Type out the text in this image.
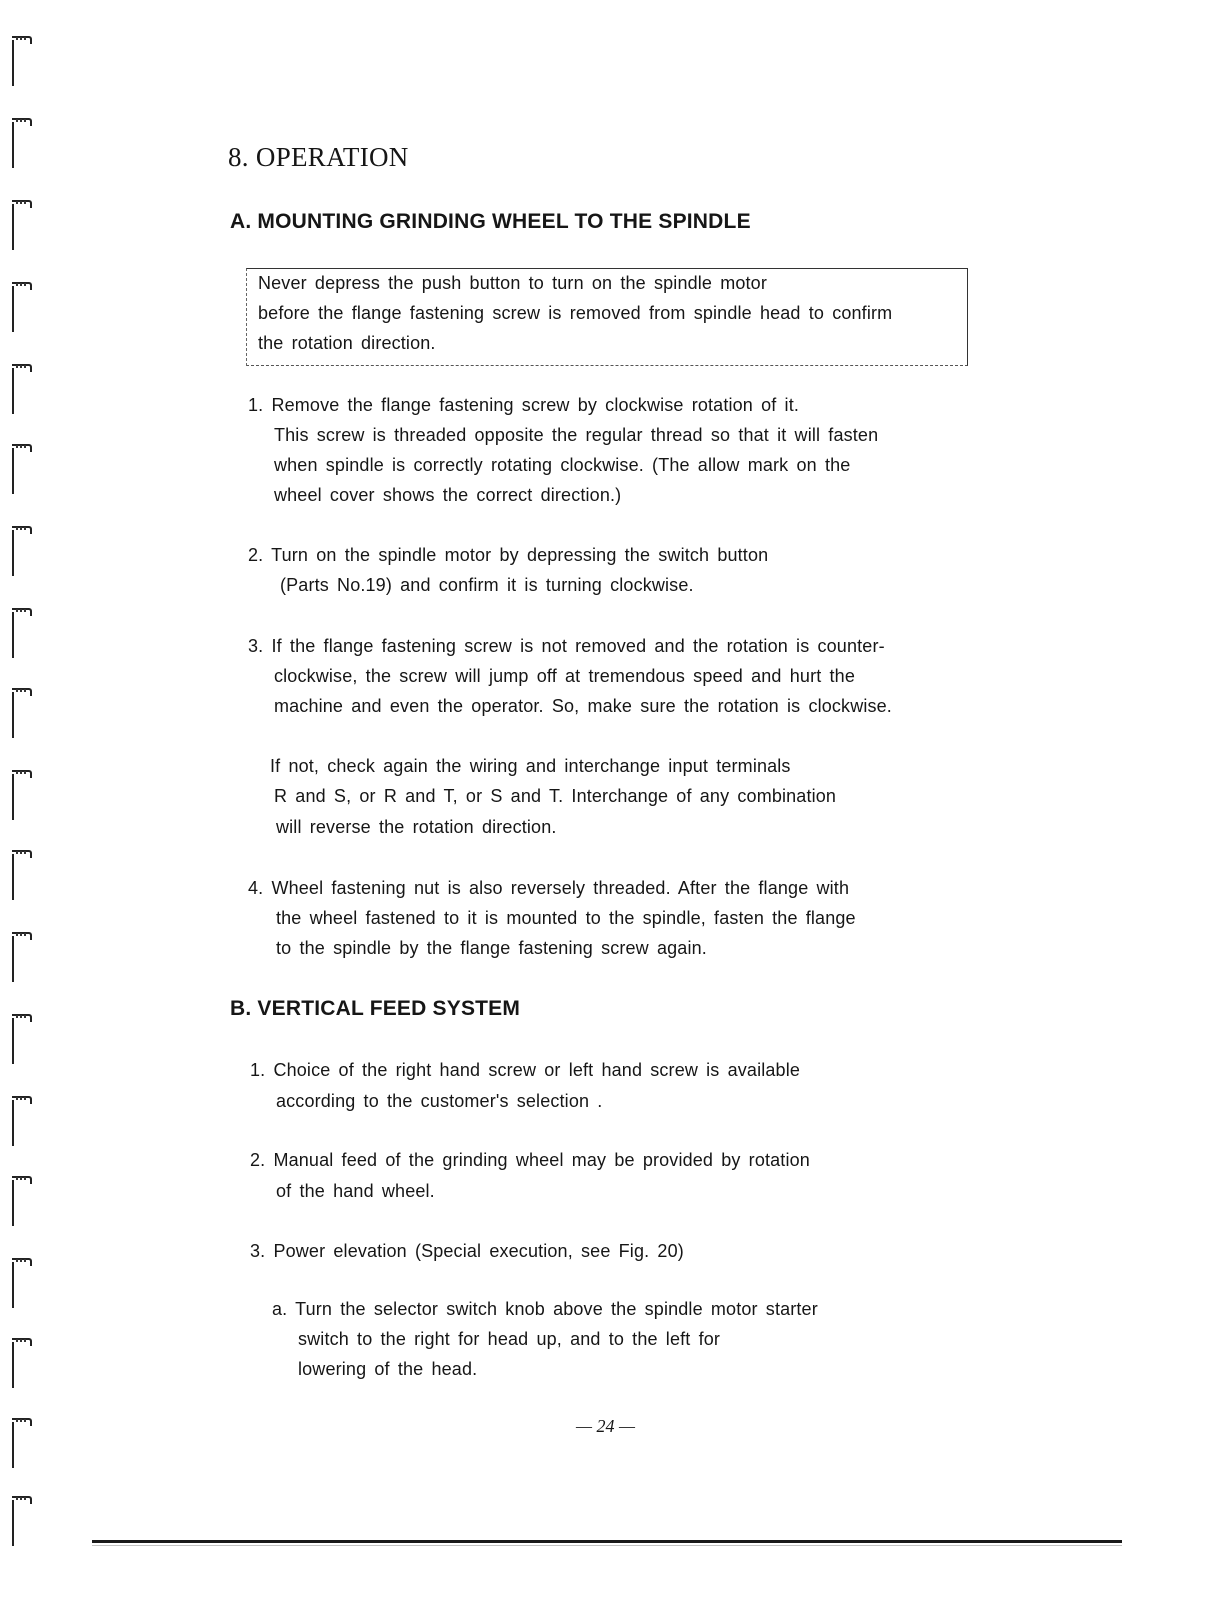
8. OPERATION
A. MOUNTING GRINDING WHEEL TO THE SPINDLE

Never depress the push button to turn on the spindle motor

before the flange fastening screw is removed from spindle head to confirm

the rotation direction.

1. Remove the flange fastening screw by clockwise rotation of it.

This screw is threaded opposite the regular thread so that it will fasten

when spindle is correctly rotating clockwise. (The allow mark on the

wheel cover shows the correct direction.)

2. Turn on the spindle motor by depressing the switch button

(Parts No.19) and confirm it is turning clockwise.

3. If the flange fastening screw is not removed and the rotation is counter-

clockwise, the screw will jump off at tremendous speed and hurt the

machine and even the operator. So, make sure the rotation is clockwise.

If not, check again the wiring and interchange input terminals

R and S, or R and T, or S and T. Interchange of any combination

will reverse the rotation direction.

4. Wheel fastening nut is also reversely threaded. After the flange with

the wheel fastened to it is mounted to the spindle, fasten the flange

to the spindle by the flange fastening screw again.

B. VERTICAL FEED SYSTEM

1. Choice of the right hand screw or left hand screw is available

according to the customer's selection .

2. Manual feed of the grinding wheel may be provided by rotation

of the hand wheel.

3. Power elevation (Special execution, see Fig. 20)

a. Turn the selector switch knob above the spindle motor starter

switch to the right for head up, and to the left for

lowering of the head.

— 24 —
